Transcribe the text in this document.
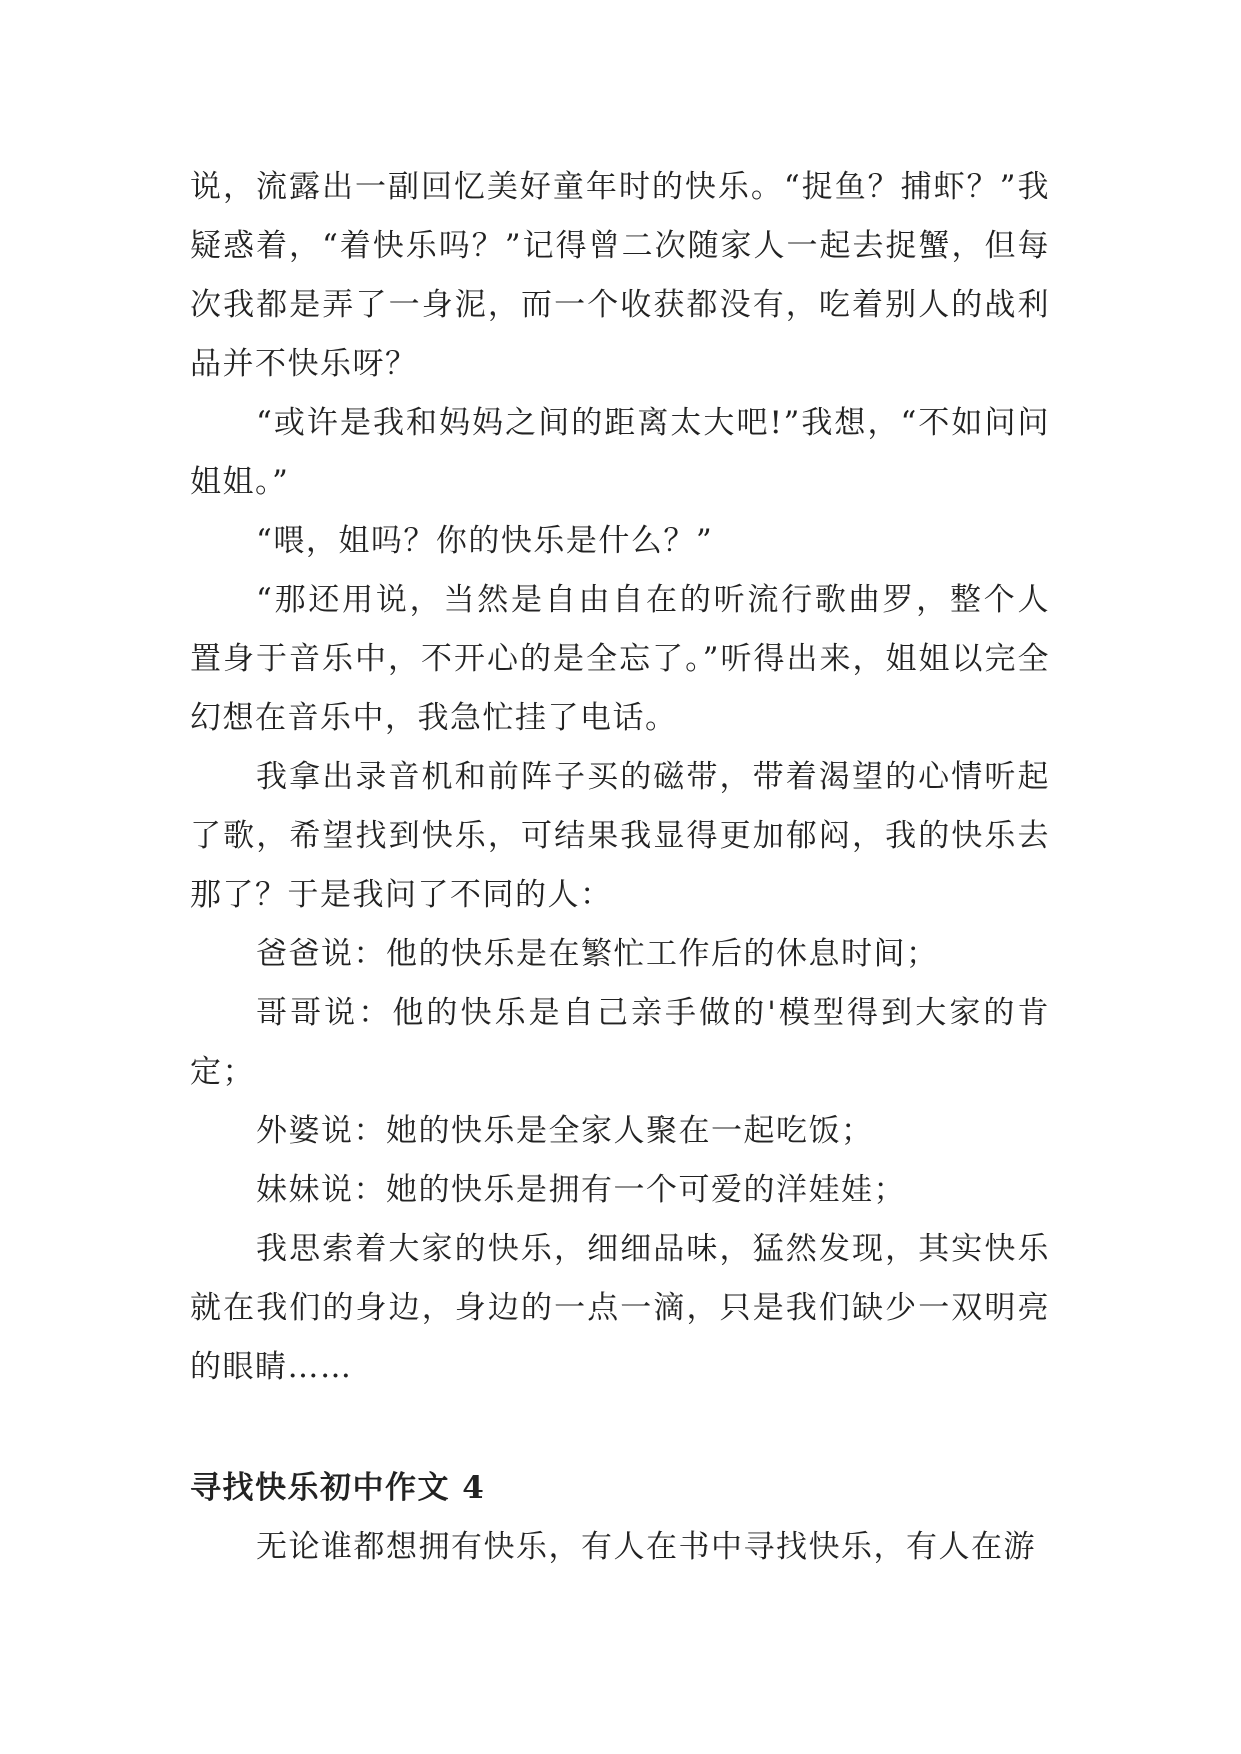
说，流露出一副回忆美好童年时的快乐。“捉鱼？捕虾？”我疑惑着，“着快乐吗？”记得曾二次随家人一起去捉蟹，但每次我都是弄了一身泥，而一个收获都没有，吃着别人的战利品并不快乐呀？

“或许是我和妈妈之间的距离太大吧!”我想，“不如问问姐姐。”

“喂，姐吗？你的快乐是什么？”

“那还用说，当然是自由自在的听流行歌曲罗，整个人置身于音乐中，不开心的是全忘了。”听得出来，姐姐以完全幻想在音乐中，我急忙挂了电话。

我拿出录音机和前阵子买的磁带，带着渴望的心情听起了歌，希望找到快乐，可结果我显得更加郁闷，我的快乐去那了？于是我问了不同的人：

爸爸说：他的快乐是在繁忙工作后的休息时间；

哥哥说：他的快乐是自己亲手做的'模型得到大家的肯定；

外婆说：她的快乐是全家人聚在一起吃饭；

妹妹说：她的快乐是拥有一个可爱的洋娃娃；

我思索着大家的快乐，细细品味，猛然发现，其实快乐就在我们的身边，身边的一点一滴，只是我们缺少一双明亮的眼睛……

寻找快乐初中作文 4

无论谁都想拥有快乐，有人在书中寻找快乐，有人在游
